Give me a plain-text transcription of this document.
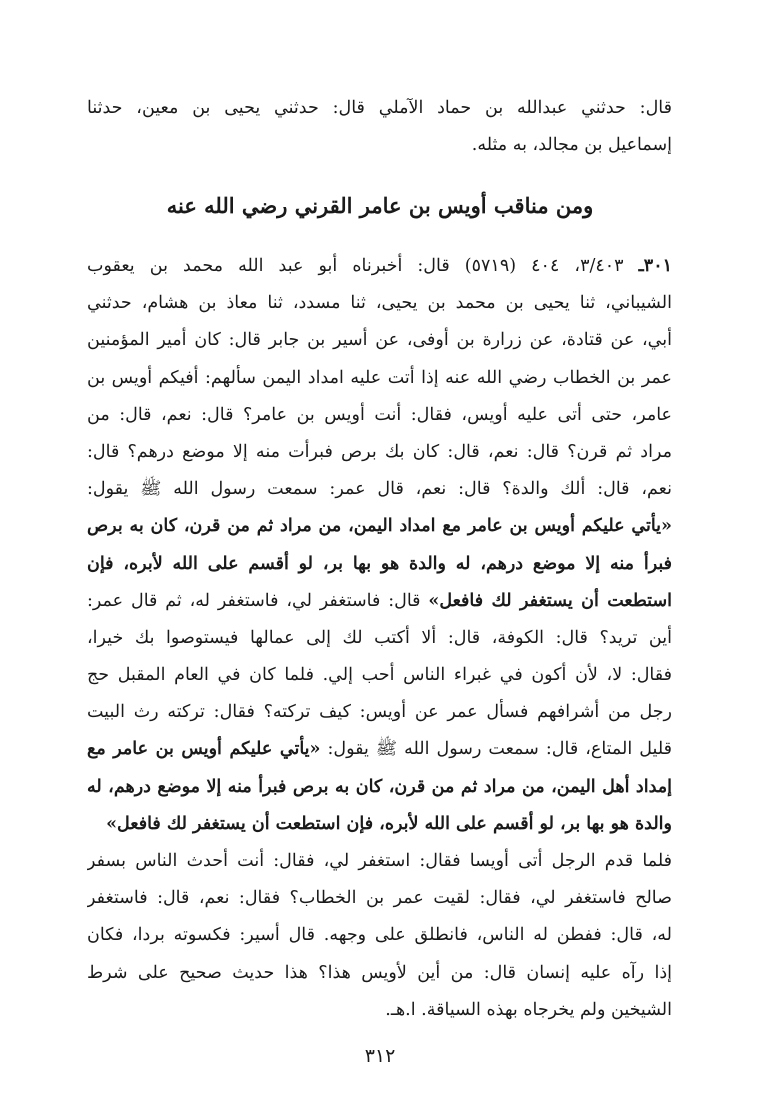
قال: حدثني عبدالله بن حماد الآملي قال: حدثني يحيى بن معين، حدثنا
إسماعيل بن مجالد، به مثله.
ومن مناقب أويس بن عامر القرني رضي الله عنه
٣٠١ـ ٣/٤٠٣، ٤٠٤ (٥٧١٩) قال: أخبرناه أبو عبد الله محمد بن يعقوب
الشيباني، ثنا يحيى بن محمد بن يحيى، ثنا مسدد، ثنا معاذ بن هشام، حدثني
أبي، عن قتادة، عن زرارة بن أوفى، عن أسير بن جابر قال: كان أمير المؤمنين
عمر بن الخطاب رضي الله عنه إذا أتت عليه امداد اليمن سألهم: أفيكم أويس بن
عامر، حتى أتى عليه أويس، فقال: أنت أويس بن عامر؟ قال: نعم، قال: من
مراد ثم قرن؟ قال: نعم، قال: كان بك برص فبرأت منه إلا موضع درهم؟ قال:
نعم، قال: ألك والدة؟ قال: نعم، قال عمر: سمعت رسول الله ﷺ يقول:
«يأتي عليكم أويس بن عامر مع امداد اليمن، من مراد ثم من قرن، كان به برص
فبرأ منه إلا موضع درهم، له والدة هو بها بر، لو أقسم على الله لأبره، فإن
استطعت أن يستغفر لك فافعل» قال: فاستغفر لي، فاستغفر له، ثم قال عمر:
أين تريد؟ قال: الكوفة، قال: ألا أكتب لك إلى عمالها فيستوصوا بك خيرا،
فقال: لا، لأن أكون في غبراء الناس أحب إلي. فلما كان في العام المقبل حج
رجل من أشرافهم فسأل عمر عن أويس: كيف تركته؟ فقال: تركته رث البيت
قليل المتاع، قال: سمعت رسول الله ﷺ يقول: «يأتي عليكم أويس بن عامر مع
إمداد أهل اليمن، من مراد ثم من قرن، كان به برص فبرأ منه إلا موضع درهم، له
والدة هو بها بر، لو أقسم على الله لأبره، فإن استطعت أن يستغفر لك فافعل»
فلما قدم الرجل أتى أويسا فقال: استغفر لي، فقال: أنت أحدث الناس بسفر
صالح فاستغفر لي، فقال: لقيت عمر بن الخطاب؟ فقال: نعم، قال: فاستغفر
له، قال: ففطن له الناس، فانطلق على وجهه. قال أسير: فكسوته بردا، فكان
إذا رآه عليه إنسان قال: من أين لأويس هذا؟ هذا حديث صحيح على شرط
الشيخين ولم يخرجاه بهذه السياقة. ا.هـ.
٣١٢
